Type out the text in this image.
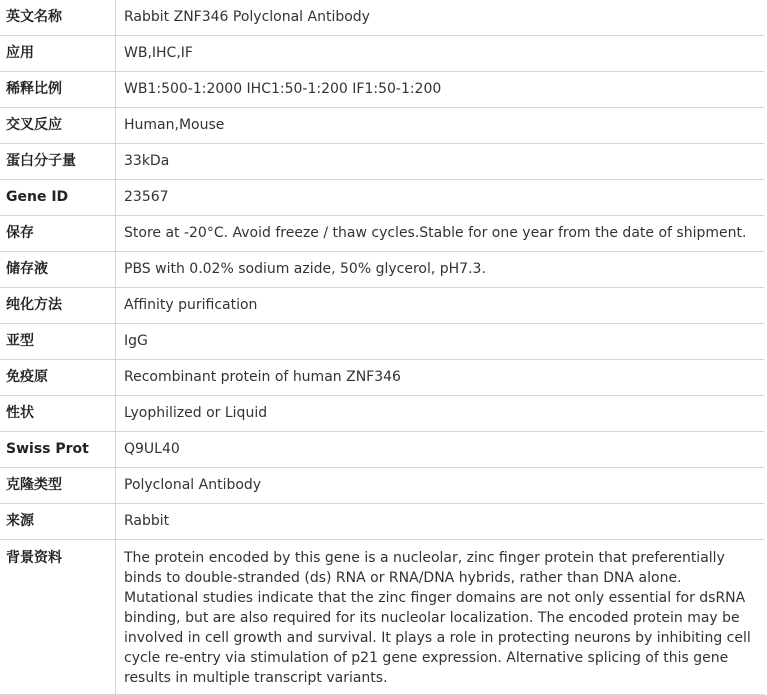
英文名称	Rabbit ZNF346 Polyclonal Antibody
应用	WB,IHC,IF
稀释比例	WB1:500-1:2000 IHC1:50-1:200 IF1:50-1:200
交叉反应	Human,Mouse
蛋白分子量	33kDa
Gene ID	23567
保存	Store at -20°C. Avoid freeze / thaw cycles.Stable for one year from the date of shipment.
储存液	PBS with 0.02% sodium azide, 50% glycerol, pH7.3.
纯化方法	Affinity purification
亚型	IgG
免疫原	Recombinant protein of human ZNF346
性状	Lyophilized or Liquid
Swiss Prot	Q9UL40
克隆类型	Polyclonal Antibody
来源	Rabbit
背景资料	The protein encoded by this gene is a nucleolar, zinc finger protein that preferentially binds to double-stranded (ds) RNA or RNA/DNA hybrids, rather than DNA alone. Mutational studies indicate that the zinc finger domains are not only essential for dsRNA binding, but are also required for its nucleolar localization. The encoded protein may be involved in cell growth and survival. It plays a role in protecting neurons by inhibiting cell cycle re-entry via stimulation of p21 gene expression. Alternative splicing of this gene results in multiple transcript variants.
